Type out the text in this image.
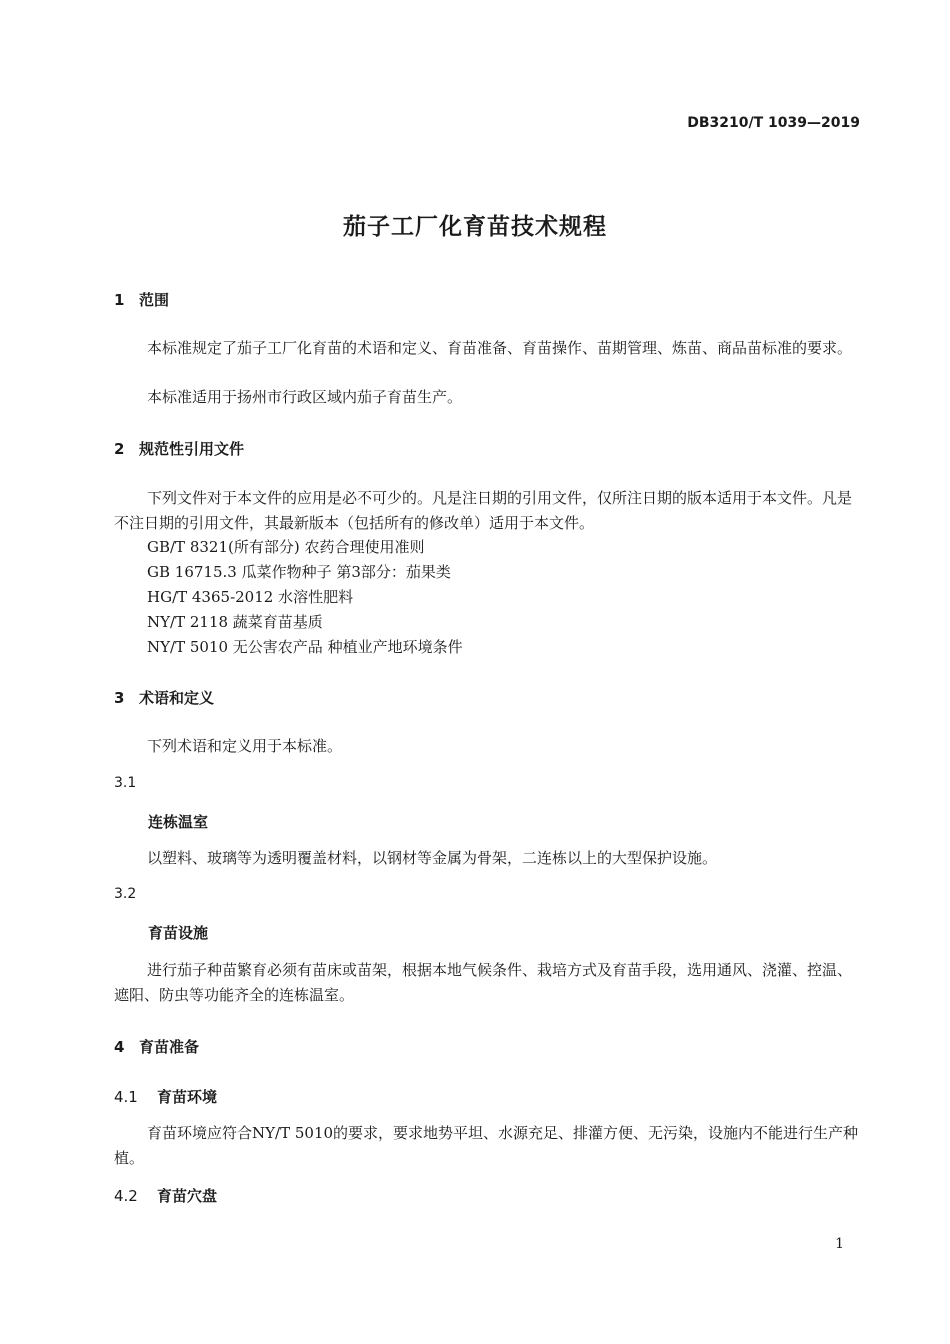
DB3210/T 1039—2019
茄子工厂化育苗技术规程
1 范围
本标准规定了茄子工厂化育苗的术语和定义、育苗准备、育苗操作、苗期管理、炼苗、商品苗标准的要求。
本标准适用于扬州市行政区域内茄子育苗生产。
2 规范性引用文件
下列文件对于本文件的应用是必不可少的。凡是注日期的引用文件，仅所注日期的版本适用于本文件。凡是不注日期的引用文件，其最新版本（包括所有的修改单）适用于本文件。
GB/T 8321(所有部分) 农药合理使用准则
GB 16715.3 瓜菜作物种子 第3部分：茄果类
HG/T 4365-2012 水溶性肥料
NY/T 2118 蔬菜育苗基质
NY/T 5010 无公害农产品 种植业产地环境条件
3 术语和定义
下列术语和定义用于本标准。
3.1
连栋温室
以塑料、玻璃等为透明覆盖材料，以钢材等金属为骨架，二连栋以上的大型保护设施。
3.2
育苗设施
进行茄子种苗繁育必须有苗床或苗架，根据本地气候条件、栽培方式及育苗手段，选用通风、浇灌、控温、遮阳、防虫等功能齐全的连栋温室。
4 育苗准备
4.1 育苗环境
育苗环境应符合NY/T 5010的要求，要求地势平坦、水源充足、排灌方便、无污染，设施内不能进行生产种植。
4.2 育苗穴盘
1
